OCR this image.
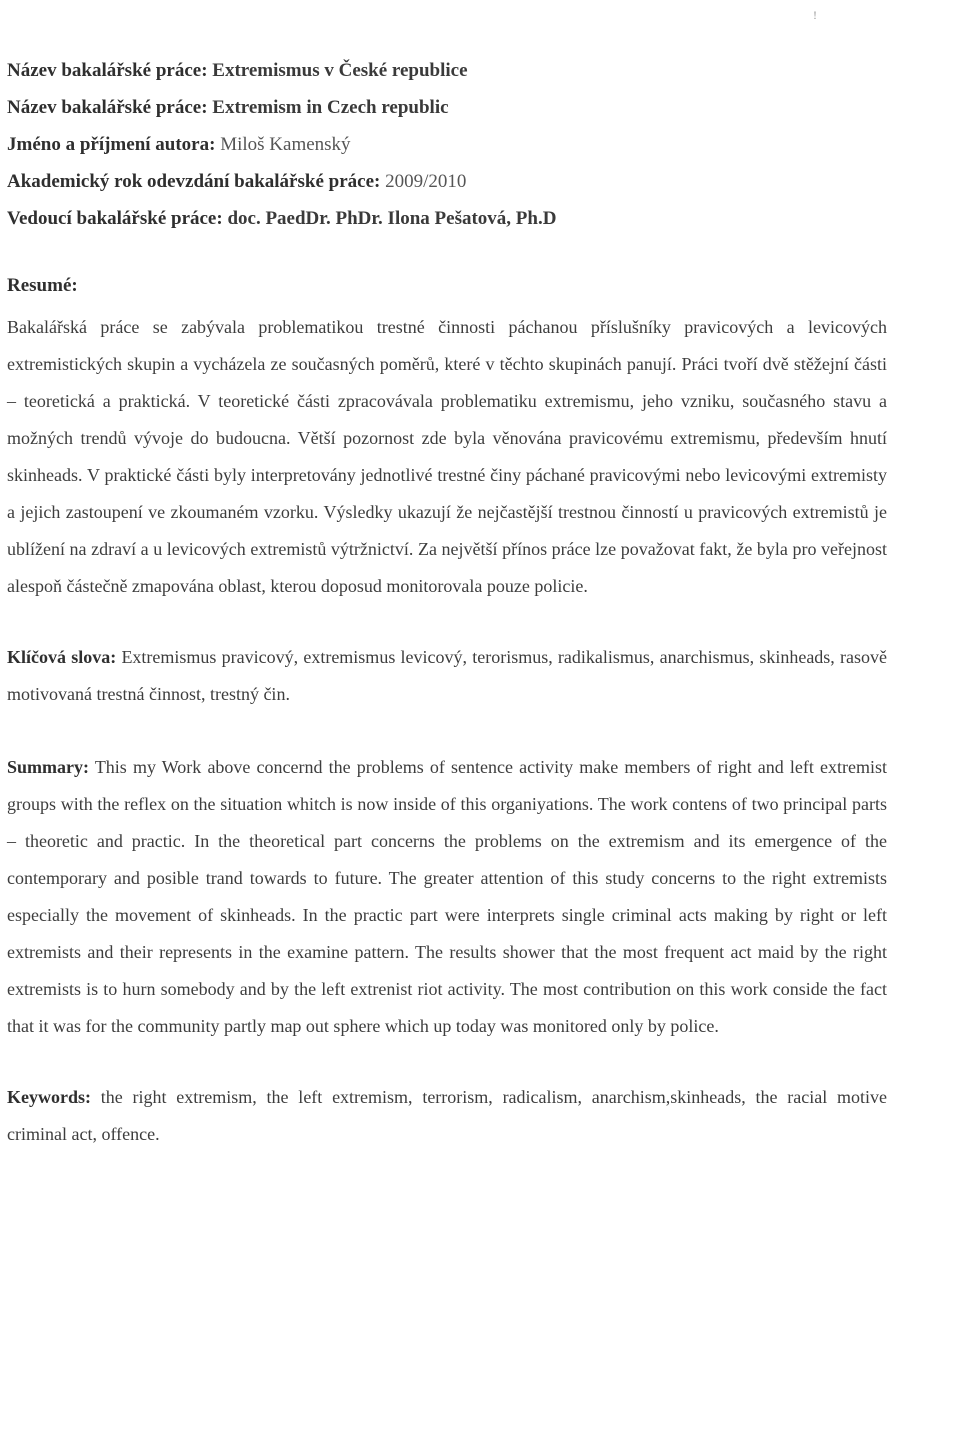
!
Název bakalářské práce: Extremismus v České republice
Název bakalářské práce: Extremism in Czech republic
Jméno a příjmení autora: Miloš Kamenský
Akademický rok odevzdání bakalářské práce: 2009/2010
Vedoucí bakalářské práce: doc. PaedDr. PhDr. Ilona Pešatová, Ph.D
Resumé:

Bakalářská práce se zabývala problematikou trestné činnosti páchanou příslušníky pravicových a levicových extremistických skupin a vycházela ze současných poměrů, které v těchto skupinách panují. Práci tvoří dvě stěžejní části – teoretická a praktická. V teoretické části zpracovávala problematiku extremismu, jeho vzniku, současného stavu a možných trendů vývoje do budoucna. Větší pozornost zde byla věnována pravicovému extremismu, především hnutí skinheads. V praktické části byly interpretovány jednotlivé trestné činy páchané pravicovými nebo levicovými extremisty a jejich zastoupení ve zkoumaném vzorku. Výsledky ukazují že nejčastější trestnou činností u pravicových extremistů je ublížení na zdraví a u levicových extremistů výtržnictví. Za největší přínos práce lze považovat fakt, že byla pro veřejnost alespoň částečně zmapována oblast, kterou doposud monitorovala pouze policie.

Klíčová slova: Extremismus pravicový, extremismus levicový, terorismus, radikalismus, anarchismus, skinheads, rasově motivovaná trestná činnost, trestný čin.

Summary: This my Work above concernd the problems of sentence activity make members of right and left extremist groups with the reflex on the situation whitch is now inside of this organiyations. The work contens of two principal parts – theoretic and practic. In the theoretical part concerns the problems on the extremism and its emergence of the contemporary and posible trand towards to future. The greater attention of this study concerns to the right extremists especially the movement of skinheads. In the practic part were interprets single criminal acts making by right or left extremists and their represents in the examine pattern. The results shower that the most frequent act maid by the right extremists is to hurn somebody and by the left extrenist riot activity. The most contribution on this work conside the fact that it was for the community partly map out sphere which up today was monitored only by police.

Keywords: the right extremism, the left extremism, terrorism, radicalism, anarchism,skinheads, the racial motive criminal act, offence.
